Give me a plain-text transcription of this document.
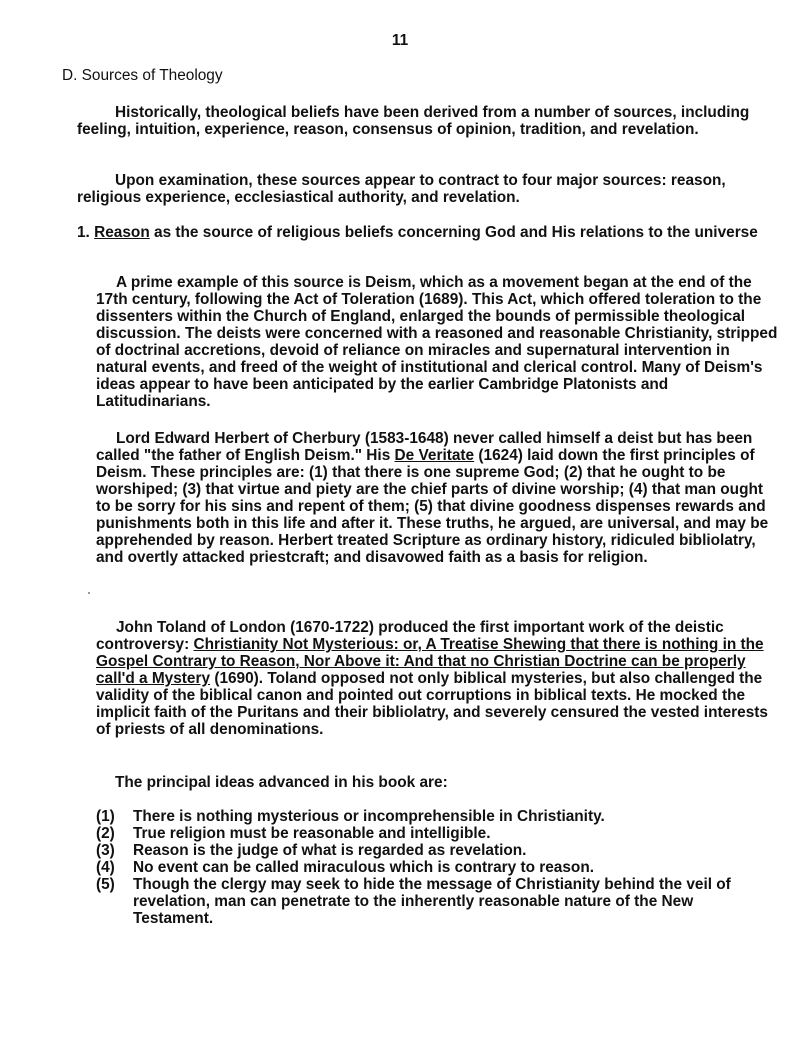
11
D. Sources of Theology

Historically, theological beliefs have been derived from a number of sources, including feeling, intuition, experience, reason, consensus of opinion, tradition, and revelation.

Upon examination, these sources appear to contract to four major sources: reason, religious experience, ecclesiastical authority, and revelation.

1. Reason as the source of religious beliefs concerning God and His relations to the universe

A prime example of this source is Deism, which as a movement began at the end of the 17th century, following the Act of Toleration (1689). This Act, which offered toleration to the dissenters within the Church of England, enlarged the bounds of permissible theological discussion. The deists were concerned with a reasoned and reasonable Christianity, stripped of doctrinal accretions, devoid of reliance on miracles and supernatural intervention in natural events, and freed of the weight of institutional and clerical control. Many of Deism's ideas appear to have been anticipated by the earlier Cambridge Platonists and Latitudinarians.

Lord Edward Herbert of Cherbury (1583-1648) never called himself a deist but has been called "the father of English Deism." His De Veritate (1624) laid down the first principles of Deism. These principles are: (1) that there is one supreme God; (2) that he ought to be worshiped; (3) that virtue and piety are the chief parts of divine worship; (4) that man ought to be sorry for his sins and repent of them; (5) that divine goodness dispenses rewards and punishments both in this life and after it. These truths, he argued, are universal, and may be apprehended by reason. Herbert treated Scripture as ordinary history, ridiculed bibliolatry, and overtly attacked priestcraft; and disavowed faith as a basis for religion.

John Toland of London (1670-1722) produced the first important work of the deistic controversy: Christianity Not Mysterious: or, A Treatise Shewing that there is nothing in the Gospel Contrary to Reason, Nor Above it: And that no Christian Doctrine can be properly call'd a Mystery (1690). Toland opposed not only biblical mysteries, but also challenged the validity of the biblical canon and pointed out corruptions in biblical texts. He mocked the implicit faith of the Puritans and their bibliolatry, and severely censured the vested interests of priests of all denominations.

The principal ideas advanced in his book are:

(1) There is nothing mysterious or incomprehensible in Christianity.
(2) True religion must be reasonable and intelligible.
(3) Reason is the judge of what is regarded as revelation.
(4) No event can be called miraculous which is contrary to reason.
(5) Though the clergy may seek to hide the message of Christianity behind the veil of revelation, man can penetrate to the inherently reasonable nature of the New Testament.
